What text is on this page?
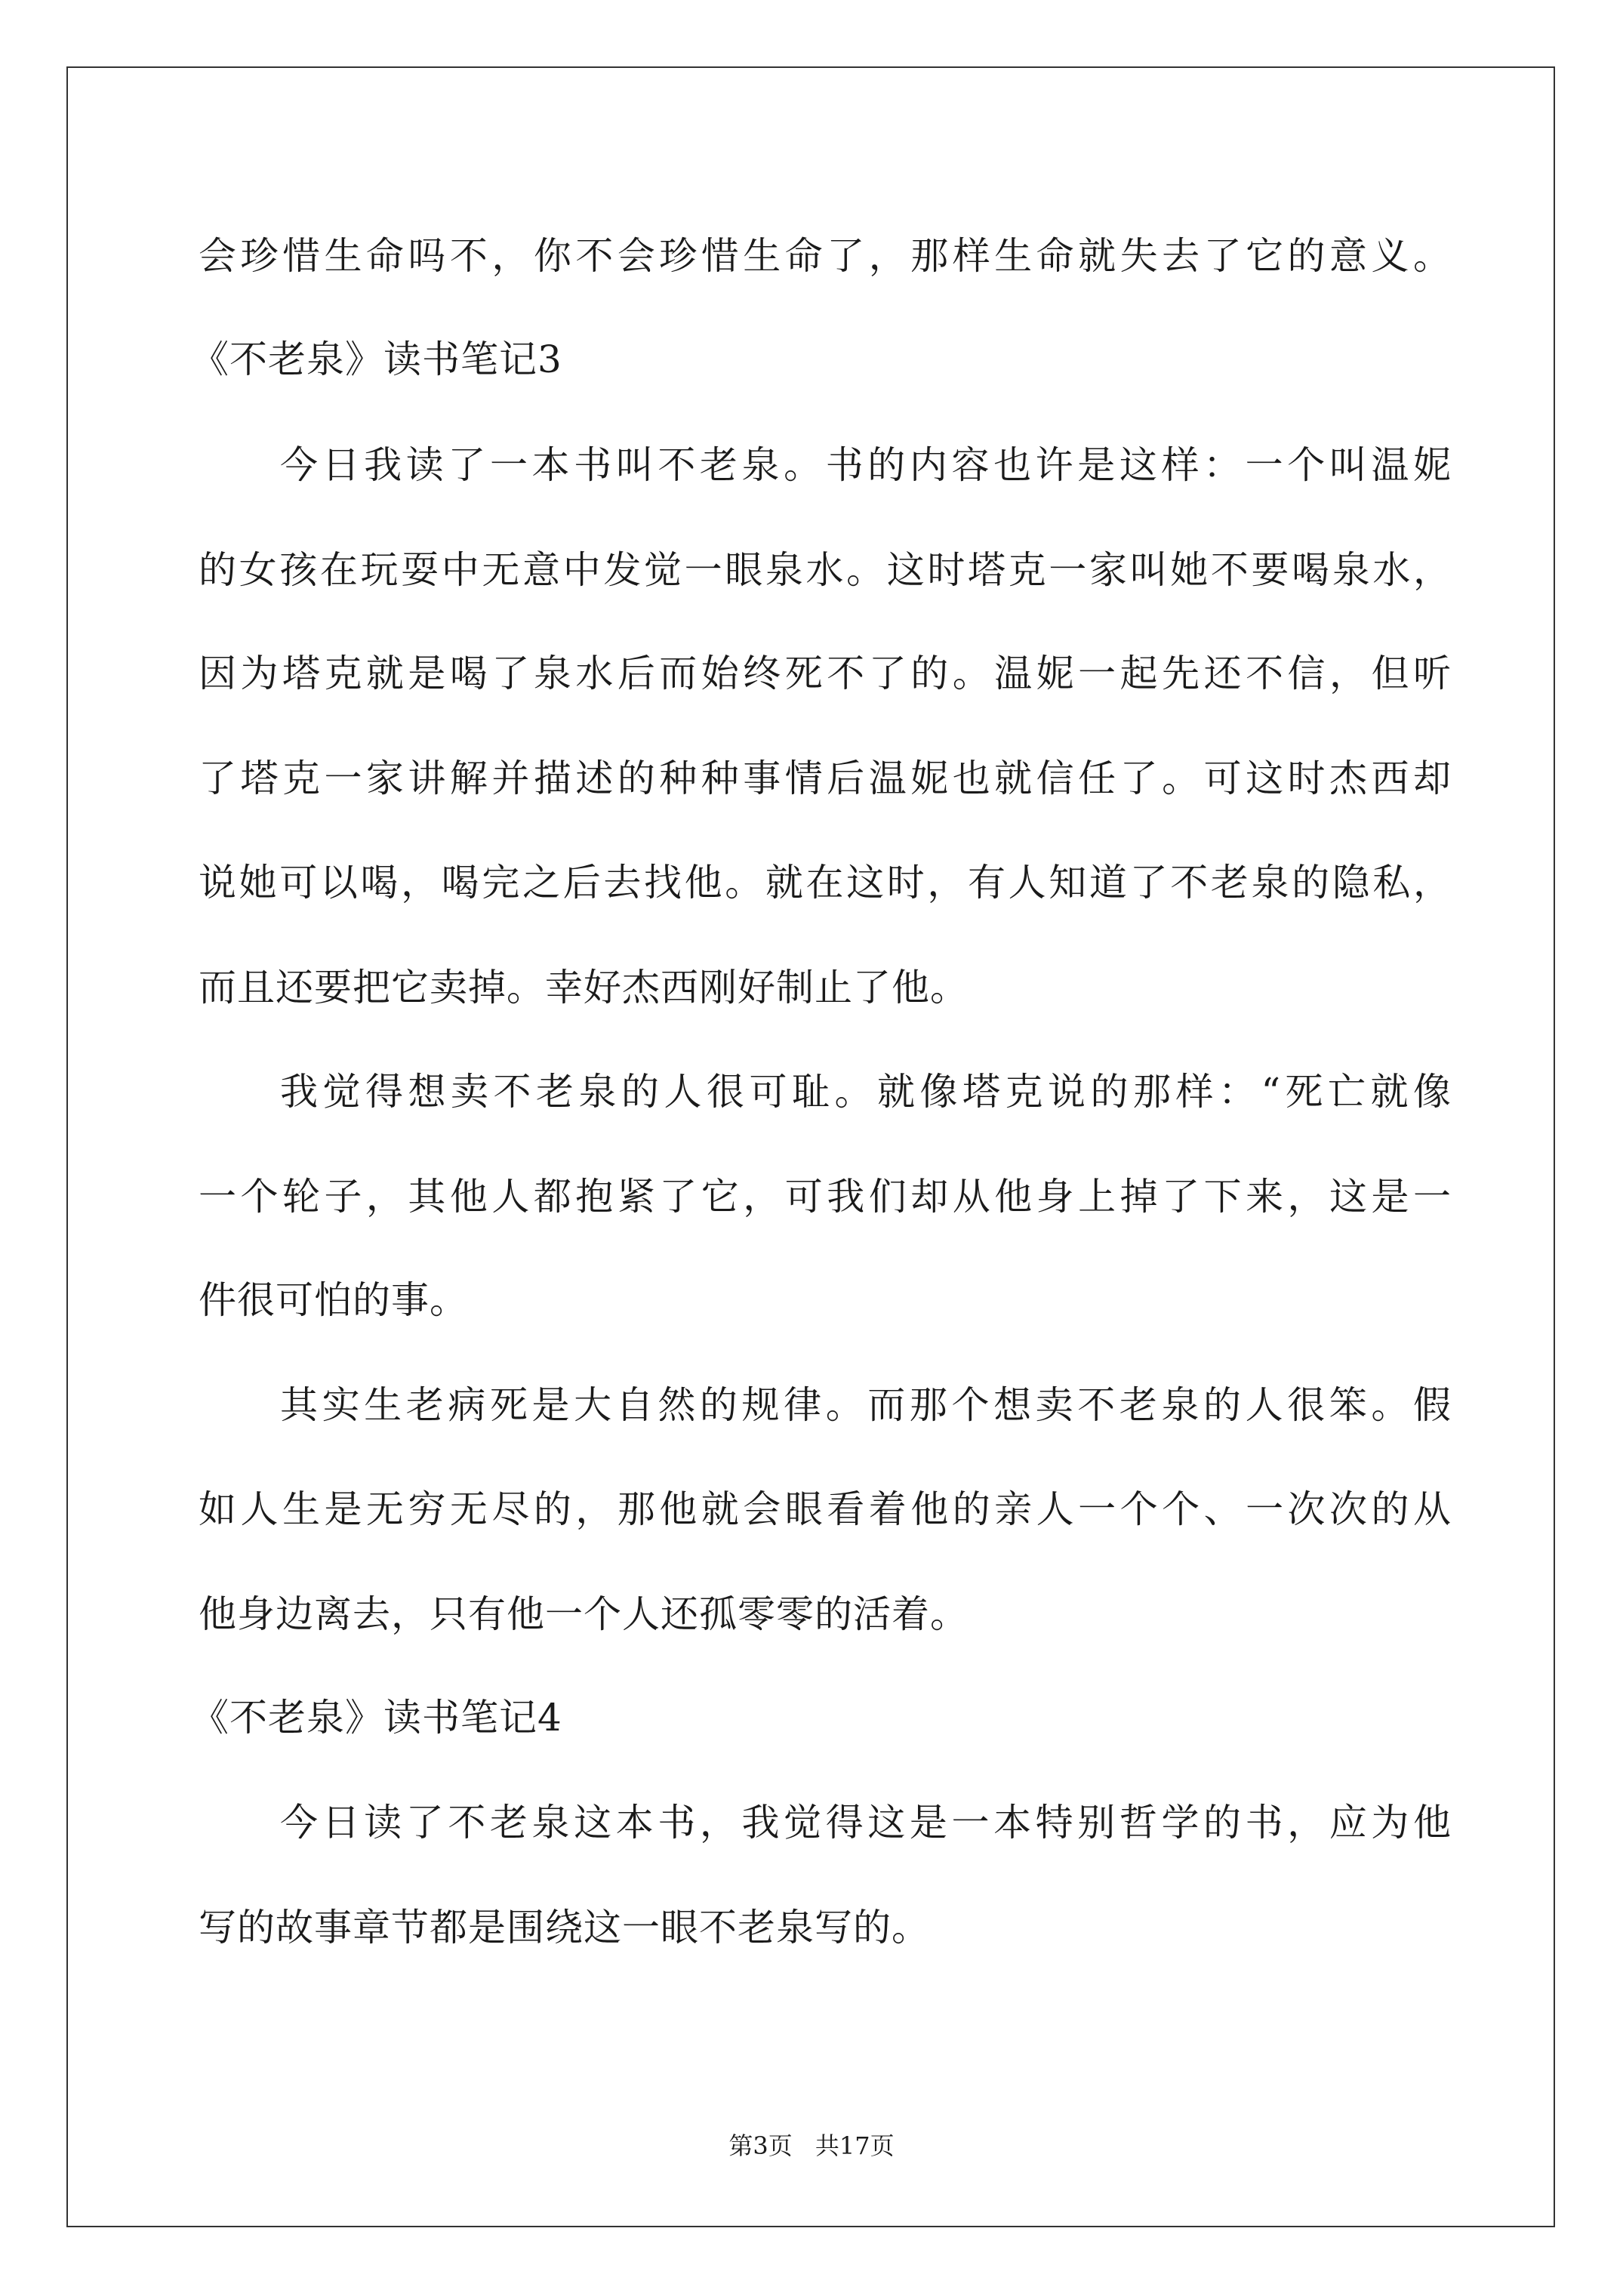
会珍惜生命吗不，你不会珍惜生命了，那样生命就失去了它的意义。
《不老泉》读书笔记3
今日我读了一本书叫不老泉。书的内容也许是这样：一个叫温妮
的女孩在玩耍中无意中发觉一眼泉水。这时塔克一家叫她不要喝泉水，
因为塔克就是喝了泉水后而始终死不了的。温妮一起先还不信，但听
了塔克一家讲解并描述的种种事情后温妮也就信任了。可这时杰西却
说她可以喝，喝完之后去找他。就在这时，有人知道了不老泉的隐私，
而且还要把它卖掉。幸好杰西刚好制止了他。
我觉得想卖不老泉的人很可耻。就像塔克说的那样：“死亡就像
一个轮子，其他人都抱紧了它，可我们却从他身上掉了下来，这是一
件很可怕的事。
其实生老病死是大自然的规律。而那个想卖不老泉的人很笨。假
如人生是无穷无尽的，那他就会眼看着他的亲人一个个、一次次的从
他身边离去，只有他一个人还孤零零的活着。
《不老泉》读书笔记4
今日读了不老泉这本书，我觉得这是一本特别哲学的书，应为他
写的故事章节都是围绕这一眼不老泉写的。
第3页 共17页
